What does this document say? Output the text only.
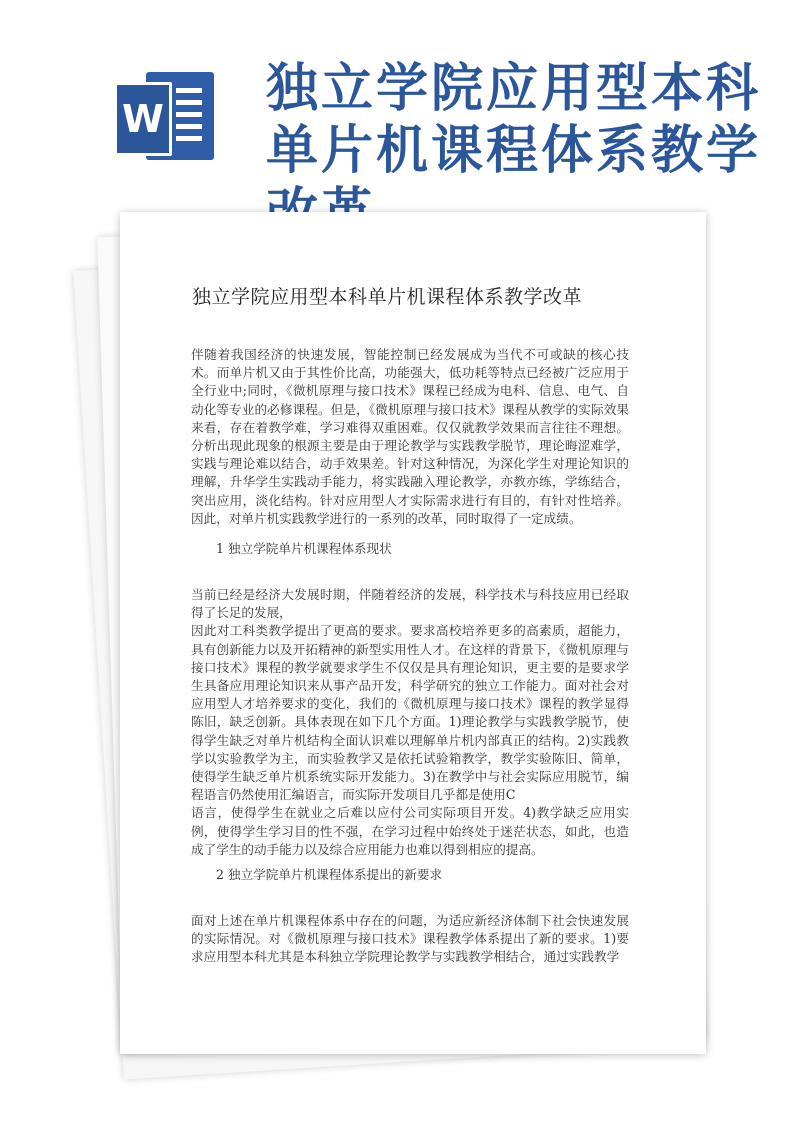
W 独立学院应用型本科单片机课程体系教学
独立学院应用型本科单片机课程体系教学改革

伴随着我国经济的快速发展，智能控制已经发展成为当代不可或缺的核心技术。而单片机又由于其性价比高，功能强大，低功耗等特点已经被广泛应用于全行业中;同时，《微机原理与接口技术》课程已经成为电科、信息、电气、自动化等专业的必修课程。但是，《微机原理与接口技术》课程从教学的实际效果来看，存在着教学难，学习难得双重困难。仅仅就教学效果而言往往不理想。分析出现此现象的根源主要是由于理论教学与实践教学脱节，理论晦涩难学，实践与理论难以结合，动手效果差。针对这种情况，为深化学生对理论知识的理解，升华学生实践动手能力，将实践融入理论教学，亦教亦练，学练结合，突出应用，淡化结构。针对应用型人才实际需求进行有目的，有针对性培养。因此，对单片机实践教学进行的一系列的改革，同时取得了一定成绩。

1 独立学院单片机课程体系现状

当前已经是经济大发展时期，伴随着经济的发展，科学技术与科技应用已经取得了长足的发展，
因此对工科类教学提出了更高的要求。要求高校培养更多的高素质，超能力，具有创新能力以及开拓精神的新型实用性人才。在这样的背景下，《微机原理与接口技术》课程的教学就要求学生不仅仅是具有理论知识，更主要的是要求学生具备应用理论知识来从事产品开发，科学研究的独立工作能力。面对社会对应用型人才培养要求的变化，我们的《微机原理与接口技术》课程的教学显得陈旧，缺乏创新。具体表现在如下几个方面。1)理论教学与实践教学脱节，使得学生缺乏对单片机结构全面认识难以理解单片机内部真正的结构。2)实践教学以实验教学为主，而实验教学又是依托试验箱教学，教学实验陈旧、简单，使得学生缺乏单片机系统实际开发能力。3)在教学中与社会实际应用脱节，编程语言仍然使用汇编语言，而实际开发项目几乎都是使用C
语言，使得学生在就业之后难以应付公司实际项目开发。4)教学缺乏应用实例，使得学生学习目的性不强，在学习过程中始终处于迷茫状态，如此，也造成了学生的动手能力以及综合应用能力也难以得到相应的提高。

2 独立学院单片机课程体系提出的新要求

面对上述在单片机课程体系中存在的问题，为适应新经济体制下社会快速发展的实际情况。对《微机原理与接口技术》课程教学体系提出了新的要求。1)要求应用型本科尤其是本科独立学院理论教学与实践教学相结合，通过实践教学
